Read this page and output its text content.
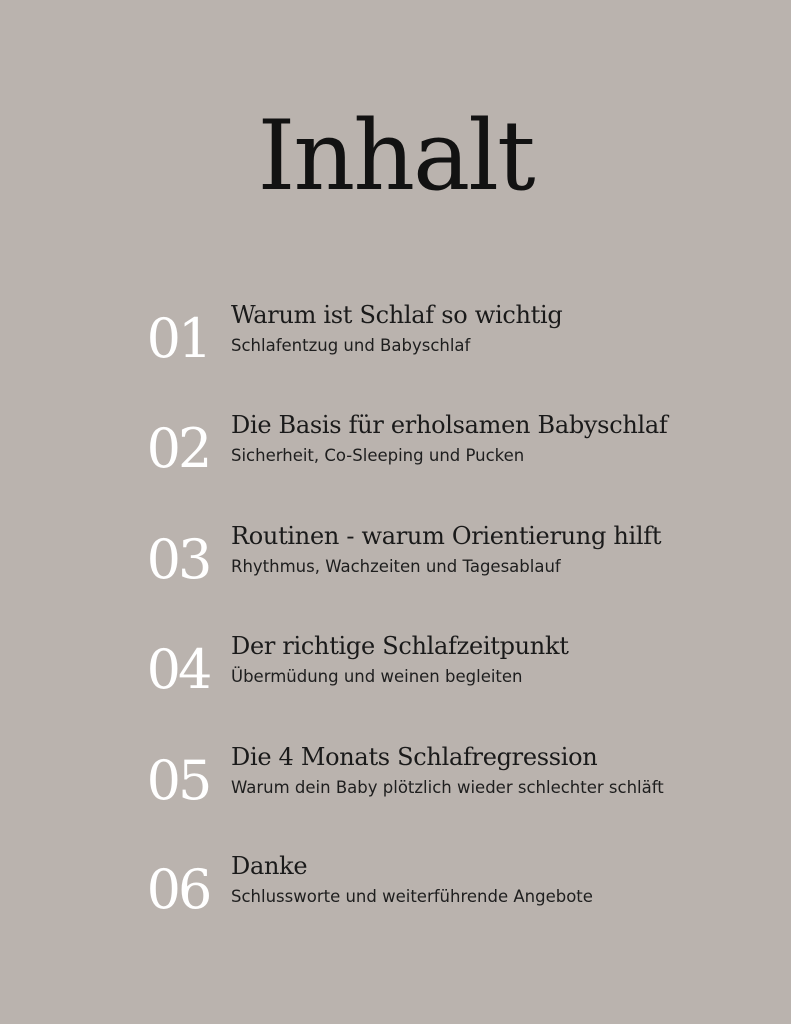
Inhalt
01 Warum ist Schlaf so wichtig
Schlafentzug und Babyschlaf
02 Die Basis für erholsamen Babyschlaf
Sicherheit, Co-Sleeping und Pucken
03 Routinen - warum Orientierung hilft
Rhythmus, Wachzeiten und Tagesablauf
04 Der richtige Schlafzeitpunkt
Übermüdung und weinen begleiten
05 Die 4 Monats Schlafregression
Warum dein Baby plötzlich wieder schlechter schläft
06 Danke
Schlussworte und weiterführende Angebote
